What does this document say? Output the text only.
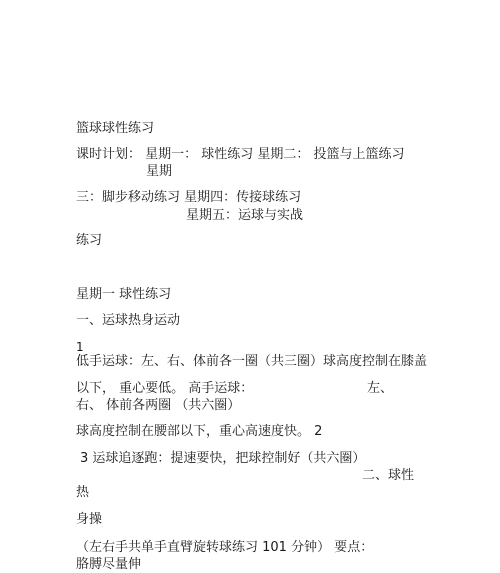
篮球球性练习
课时计划： 星期一： 球性练习 星期二： 投篮与上篮练习
星期
三：脚步移动练习 星期四：传接球练习
星期五：运球与实战
练习
星期一 球性练习
一、运球热身运动
1
低手运球：左、右、体前各一圈（共三圈）球高度控制在膝盖
以下， 重心要低。 高手运球：	左、
右、 体前各两圈 （共六圈）
球高度控制在腰部以下，重心高速度快。 2
3 运球追逐跑：提速要快，把球控制好（共六圈）
二、球性
热
身操
（左右手共单手直臂旋转球练习 101 分钟） 要点：
胳膊尽量伸
